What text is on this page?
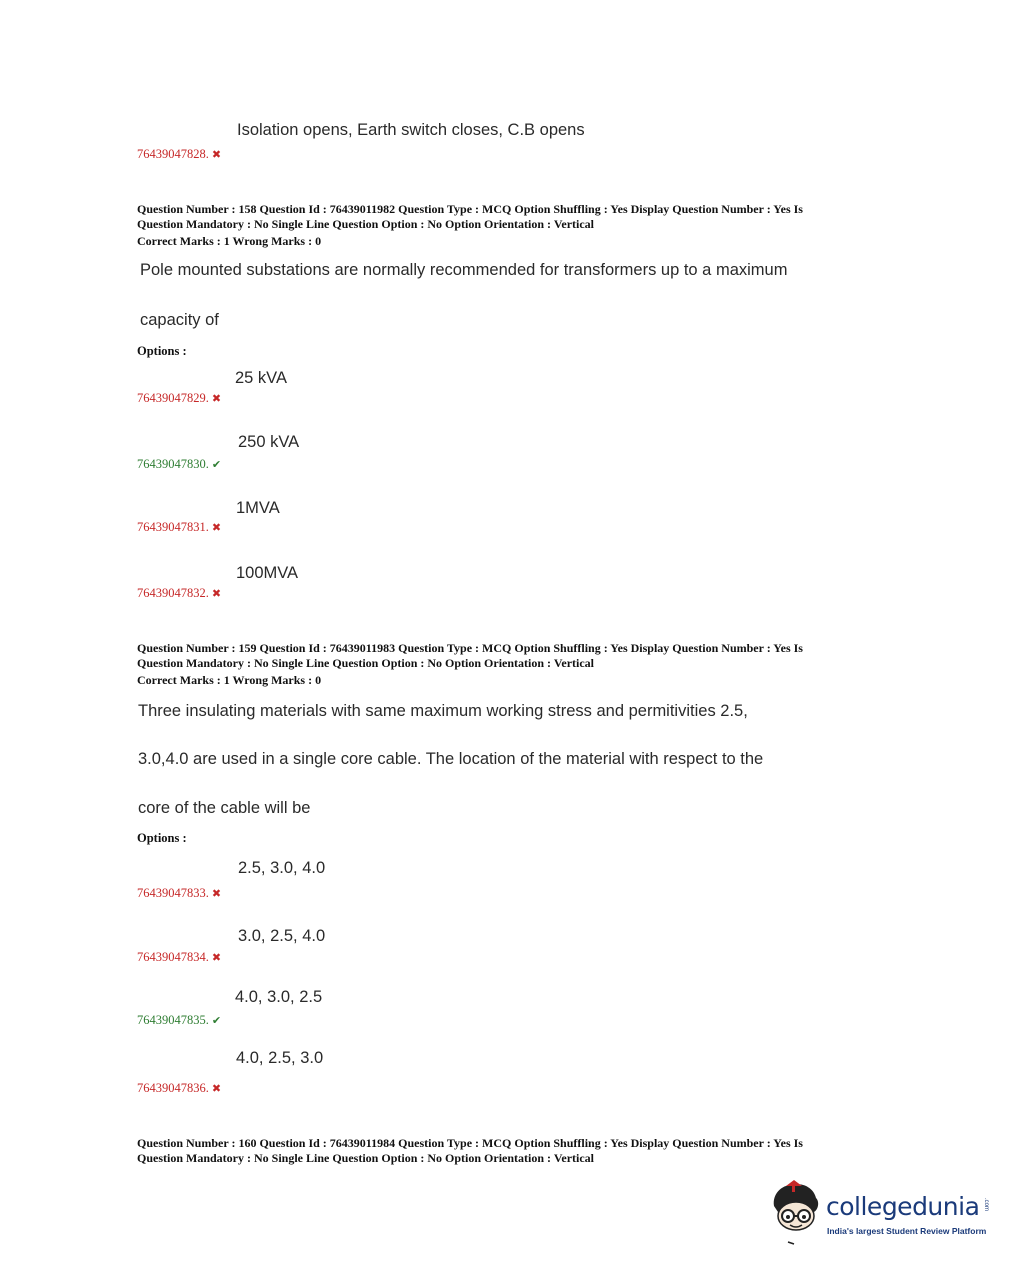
Isolation opens, Earth switch closes, C.B opens
76439047828. ✖
Question Number : 158 Question Id : 76439011982 Question Type : MCQ Option Shuffling : Yes Display Question Number : Yes Is
Question Mandatory : No Single Line Question Option : No Option Orientation : Vertical
Correct Marks : 1 Wrong Marks : 0
Pole mounted substations are normally recommended for transformers up to a maximum
capacity of
Options :
25 kVA
76439047829. ✖
250 kVA
76439047830. ✔
1MVA
76439047831. ✖
100MVA
76439047832. ✖
Question Number : 159 Question Id : 76439011983 Question Type : MCQ Option Shuffling : Yes Display Question Number : Yes Is
Question Mandatory : No Single Line Question Option : No Option Orientation : Vertical
Correct Marks : 1 Wrong Marks : 0
Three insulating materials with same maximum working stress and permitivities 2.5,
3.0,4.0 are used in a single core cable. The location of the material with respect to the
core of the cable will be
Options :
2.5, 3.0, 4.0
76439047833. ✖
3.0, 2.5, 4.0
76439047834. ✖
4.0, 3.0, 2.5
76439047835. ✔
4.0, 2.5, 3.0
76439047836. ✖
Question Number : 160 Question Id : 76439011984 Question Type : MCQ Option Shuffling : Yes Display Question Number : Yes Is
Question Mandatory : No Single Line Question Option : No Option Orientation : Vertical
collegedunia .com
India's largest Student Review Platform
